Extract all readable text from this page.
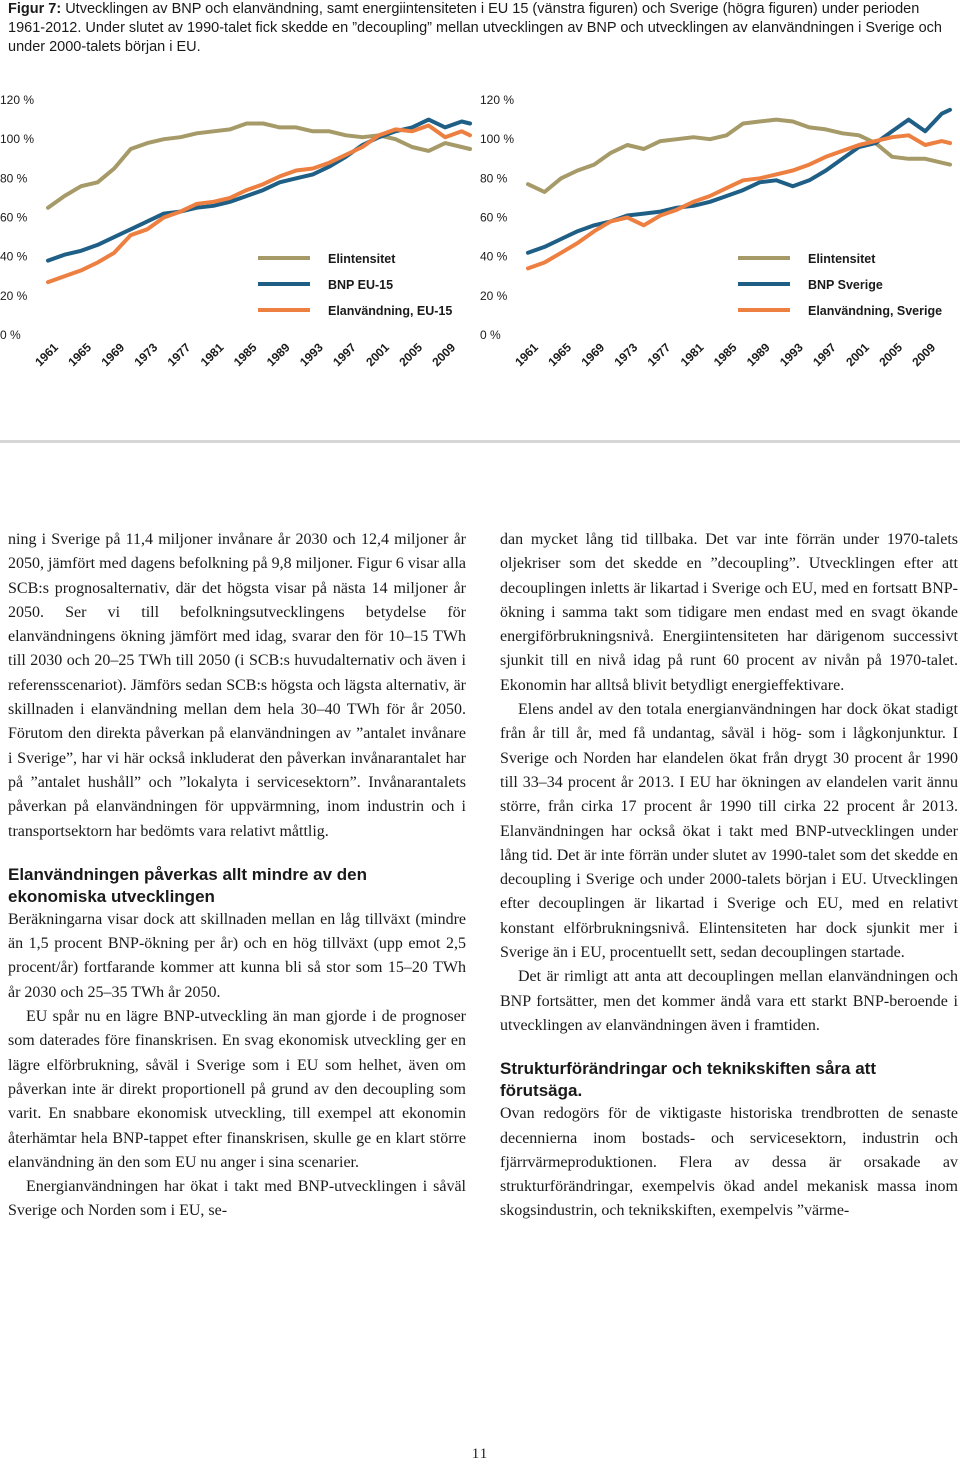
Figur 7: Utvecklingen av BNP och elanvändning, samt energiintensiteten i EU 15 (vänstra figuren) och Sverige (högra figuren) under perioden 1961-2012. Under slutet av 1990-talet fick skedde en ”decoupling” mellan utvecklingen av BNP och utvecklingen av elanvändningen i Sverige och under 2000-talets början i EU.
120 %
100 %
80 %
60 %
40 %
20 %
0 %
1961 1965 1969 1973 1977 1981 1985 1989 1993 1997 2001 2005 2009
Elintensitet
BNP EU-15
Elanvändning, EU-15
120 %
100 %
80 %
60 %
40 %
20 %
0 %
1961 1965 1969 1973 1977 1981 1985 1989 1993 1997 2001 2005 2009
Elintensitet
BNP Sverige
Elanvändning, Sverige

ning i Sverige på 11,4 miljoner invånare år 2030 och 12,4 miljoner år 2050, jämfört med dagens befolkning på 9,8 miljoner. Figur 6 visar alla SCB:s prognosalternativ, där det högsta visar på nästa 14 miljoner år 2050. Ser vi till befolkningsutvecklingens betydelse för elanvändningens ökning jämfört med idag, svarar den för 10–15 TWh till 2030 och 20–25 TWh till 2050 (i SCB:s huvudalternativ och även i referensscenariot). Jämförs sedan SCB:s högsta och lägsta alternativ, är skillnaden i elanvändning mellan dem hela 30–40 TWh för år 2050. Förutom den direkta påverkan på elanvändningen av ”antalet invånare i Sverige”, har vi här också inkluderat den påverkan invånarantalet har på ”antalet hushåll” och ”lokalyta i servicesektorn”. Invånarantalets påverkan på elanvändningen för uppvärmning, inom industrin och i transportsektorn har bedömts vara relativt måttlig.

Elanvändningen påverkas allt mindre av den ekonomiska utvecklingen

Beräkningarna visar dock att skillnaden mellan en låg tillväxt (mindre än 1,5 procent BNP-ökning per år) och en hög tillväxt (upp emot 2,5 procent/år) fortfarande kommer att kunna bli så stor som 15–20 TWh år 2030 och 25–35 TWh år 2050.

EU spår nu en lägre BNP-utveckling än man gjorde i de prognoser som daterades före finanskrisen. En svag ekonomisk utveckling ger en lägre elförbrukning, såväl i Sverige som i EU som helhet, även om påverkan inte är direkt proportionell på grund av den decoupling som varit. En snabbare ekonomisk utveckling, till exempel att ekonomin återhämtar hela BNP-tappet efter finanskrisen, skulle ge en klart större elanvändning än den som EU nu anger i sina scenarier.

Energianvändningen har ökat i takt med BNP-utvecklingen i såväl Sverige och Norden som i EU, se-

dan mycket lång tid tillbaka. Det var inte förrän under 1970-talets oljekriser som det skedde en ”decoupling”. Utvecklingen efter att decouplingen inletts är likartad i Sverige och EU, med en fortsatt BNP-ökning i samma takt som tidigare men endast med en svagt ökande energiförbrukningsnivå. Energiintensiteten har därigenom successivt sjunkit till en nivå idag på runt 60 procent av nivån på 1970-talet. Ekonomin har alltså blivit betydligt energieffektivare.

Elens andel av den totala energianvändningen har dock ökat stadigt från år till år, med få undantag, såväl i hög- som i lågkonjunktur. I Sverige och Norden har elandelen ökat från drygt 30 procent år 1990 till 33–34 procent år 2013. I EU har ökningen av elandelen varit ännu större, från cirka 17 procent år 1990 till cirka 22 procent år 2013. Elanvändningen har också ökat i takt med BNP-utvecklingen under lång tid. Det är inte förrän under slutet av 1990-talet som det skedde en decoupling i Sverige och under 2000-talets början i EU. Utvecklingen efter decouplingen är likartad i Sverige och EU, med en relativt konstant elförbrukningsnivå. Elintensiteten har dock sjunkit mer i Sverige än i EU, procentuellt sett, sedan decouplingen startade.

Det är rimligt att anta att decouplingen mellan elanvändningen och BNP fortsätter, men det kommer ändå vara ett starkt BNP-beroende i utvecklingen av elanvändningen även i framtiden.

Strukturförändringar och teknikskiften såra att förutsäga.

Ovan redogörs för de viktigaste historiska trendbrotten de senaste decennierna inom bostads- och servicesektorn, industrin och fjärrvärmeproduktionen. Flera av dessa är orsakade av strukturförändringar, exempelvis ökad andel mekanisk massa inom skogsindustrin, och teknikskiften, exempelvis ”värme-

11
